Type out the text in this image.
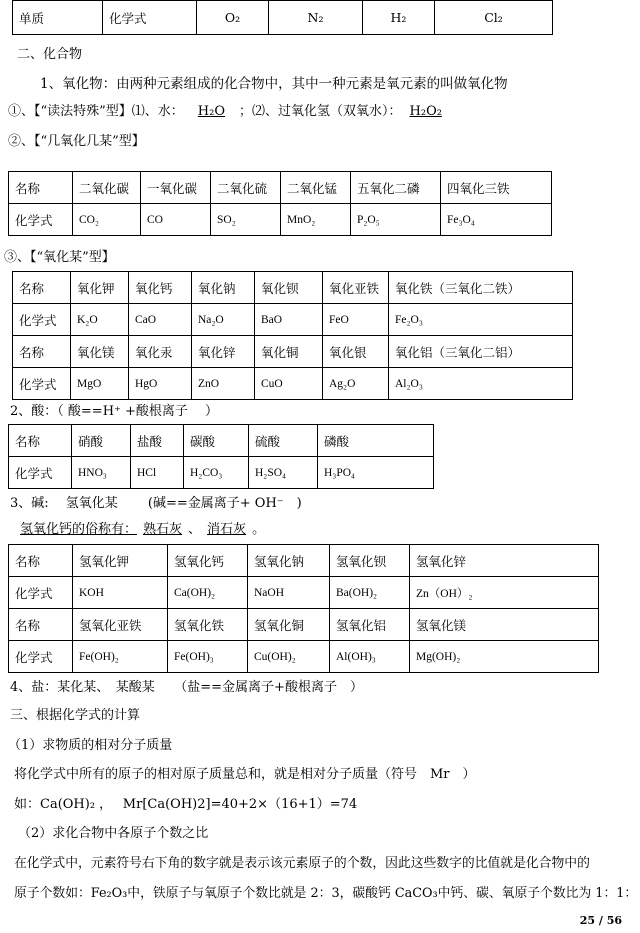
单质	化学式	O₂	N₂	H₂	Cl₂
二、化合物
1、氧化物：由两种元素组成的化合物中，其中一种元素是氧元素的叫做氧化物
①、【“读法特殊”型】⑴、水： H₂O ；⑵、过氧化氢（双氧水）： H₂O₂
②、【“几氧化几某”型】
名称	二氧化碳	一氧化碳	二氧化硫	二氧化锰	五氧化二磷	四氧化三铁
化学式	CO₂	CO	SO₂	MnO₂	P₂O₅	Fe₃O₄
③、【“氧化某”型】
名称	氧化钾	氧化钙	氧化钠	氧化钡	氧化亚铁	氧化铁（三氧化二铁）
化学式	K₂O	CaO	Na₂O	BaO	FeO	Fe₂O₃
名称	氧化镁	氧化汞	氧化锌	氧化铜	氧化银	氧化铝（三氧化二铝）
化学式	MgO	HgO	ZnO	CuO	Ag₂O	Al₂O₃
2、酸：（ 酸==H⁺ +酸根离子　 ）
名称	硝酸	盐酸	碳酸	硫酸	磷酸
化学式	HNO₃	HCl	H₂CO₃	H₂SO₄	H₃PO₄
3、碱:　 氢氧化某　　 (碱==金属离子+ OH⁻　)
氢氧化钙的俗称有： 熟石灰 、 消石灰 。
名称	氢氧化钾	氢氧化钙	氢氧化钠	氢氧化钡	氢氧化锌
化学式	KOH	Ca(OH)₂	NaOH	Ba(OH)₂	Zn（OH）₂
名称	氢氧化亚铁	氢氧化铁	氢氧化铜	氢氧化铝	氢氧化镁
化学式	Fe(OH)₂	Fe(OH)₃	Cu(OH)₂	Al(OH)₃	Mg(OH)₂
4、盐：某化某、　某酸某　　（盐==金属离子+酸根离子　）
三、根据化学式的计算
（1）求物质的相对分子质量
将化学式中所有的原子的相对原子质量总和，就是相对分子质量（符号　Mr　）
如：Ca(OH)₂ ，　 Mr[Ca(OH)2]=40+2×（16+1）=74
（2）求化合物中各原子个数之比
在化学式中，元素符号右下角的数字就是表示该元素原子的个数，因此这些数字的比值就是化合物中的
原子个数如：Fe₂O₃中，铁原子与氧原子个数比就是 2：3，碳酸钙 CaCO₃中钙、碳、氧原子个数比为 1：1：
25 / 56
